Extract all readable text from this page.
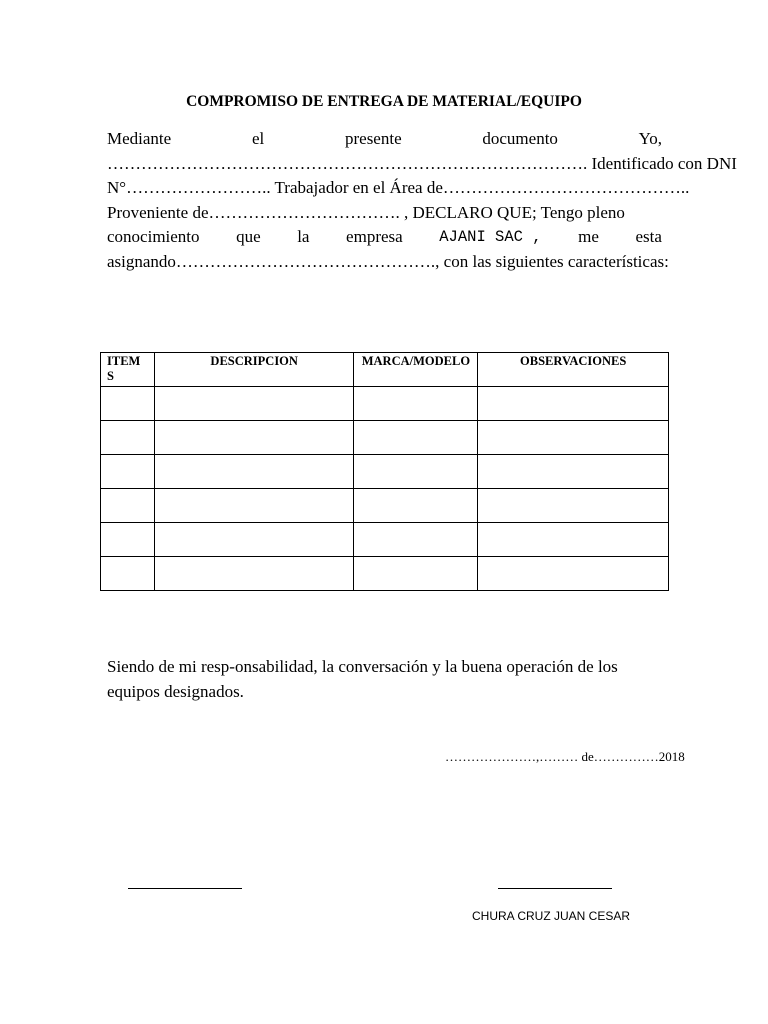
COMPROMISO DE ENTREGA DE MATERIAL/EQUIPO
Mediante	el	presente	documento	Yo,
…………………………………………………………………………. Identificado con DNI
N°…………………….. Trabajador en el Área de……………………………………..
Proveniente de……………………………. , DECLARO QUE; Tengo pleno
conocimiento que la empresa AJANI SAC , me esta
asignando………………………………………., con las siguientes características:
ITEM S	DESCRIPCION	MARCA/MODELO	OBSERVACIONES

Siendo de mi resp-onsabilidad, la conversación y la buena operación de los equipos designados.
…………………,……… de……………2018
CHURA CRUZ JUAN CESAR
